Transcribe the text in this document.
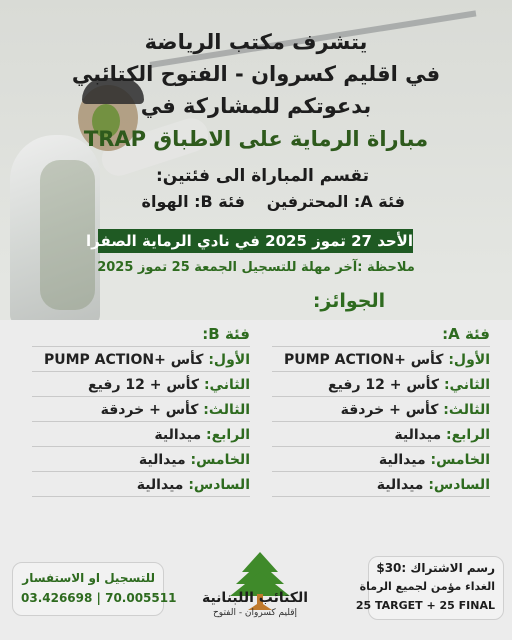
يتشرف مكتب الرياضة
في اقليم كسروان - الفتوح الكتائبي
بدعوتكم للمشاركة في
مباراة الرماية على الاطباق TRAP
تقسم المباراة الى فئتين:
فئة A: المحترفين
فئة B: الهواة
الأحد 27 تموز 2025 في نادي الرماية الصفرا
ملاحظة :آخر مهلة للتسجيل الجمعة 25 تموز 2025
الجوائز:
فئة A:
الأول: كأس +PUMP ACTION
الثاني: كأس + 12 رفيع
الثالث: كأس + خردقة
الرابع: ميدالية
الخامس: ميدالية
السادس: ميدالية
فئة B:
الأول: كأس +PUMP ACTION
الثاني: كأس + 12 رفيع
الثالث: كأس + خردقة
الرابع: ميدالية
الخامس: ميدالية
السادس: ميدالية
للتسجيل او الاستفسار
03.426698 | 70.005511	الكتائب اللبنانية
إقليم كسروان - الفتوح
رسم الاشتراك :30$
الغداء مؤمن لجميع الرماة
25 TARGET + 25 FINAL
